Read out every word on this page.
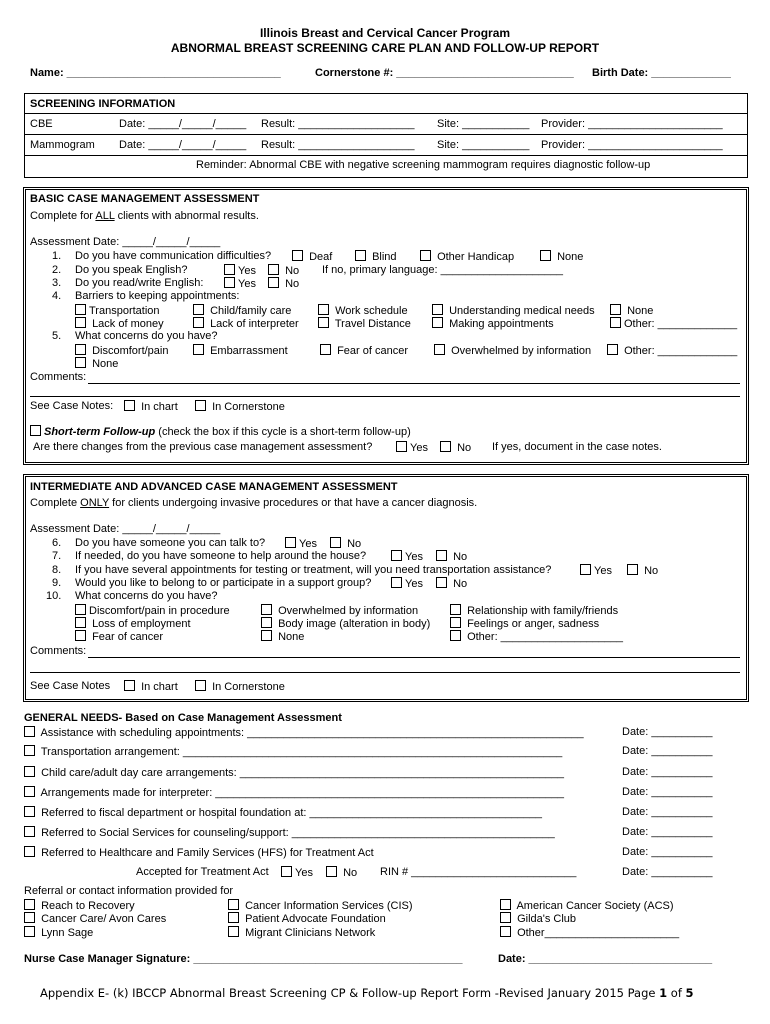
Illinois Breast and Cervical Cancer Program
ABNORMAL BREAST SCREENING CARE PLAN AND FOLLOW-UP REPORT
Name: ___________________________________	Cornerstone #: _____________________________ Birth Date: _____________
SCREENING INFORMATION
CBE	Date: _____/_____/_____ Result: ___________________ Site: ___________ Provider: ______________________
Mammogram Date: _____/_____/_____ Result: ___________________ Site: ___________ Provider: ______________________
Reminder: Abnormal CBE with negative screening mammogram requires diagnostic follow-up
BASIC CASE MANAGEMENT ASSESSMENT
Complete for ALL clients with abnormal results.
Assessment Date: _____/_____/_____
1. Do you have communication difficulties?	Deaf	Blind	Other Handicap	None
2. Do you speak English?	Yes	No If no, primary language: ____________________
3. Do you read/write English:	Yes	No
4. Barriers to keeping appointments:
Transportation	Child/family care	Work schedule	Understanding medical needs	None
Lack of money	Lack of interpreter	Travel Distance	Making appointments	Other: _____________
5. What concerns do you have?
Discomfort/pain	Embarrassment	Fear of cancer	Overwhelmed by information	Other: _____________
None
Comments:
See Case Notes:	In chart	In Cornerstone
Short-term Follow-up (check the box if this cycle is a short-term follow-up)
Are there changes from the previous case management assessment?	Yes	No If yes, document in the case notes.
INTERMEDIATE AND ADVANCED CASE MANAGEMENT ASSESSMENT
Complete ONLY for clients undergoing invasive procedures or that have a cancer diagnosis.
Assessment Date: _____/_____/_____
6. Do you have someone you can talk to?	Yes	No
7. If needed, do you have someone to help around the house?	Yes	No
8. If you have several appointments for testing or treatment, will you need transportation assistance?	Yes	No
9. Would you like to belong to or participate in a support group?	Yes	No
10. What concerns do you have?
Discomfort/pain in procedure	Overwhelmed by information	Relationship with family/friends
Loss of employment	Body image (alteration in body)	Feelings or anger, sadness
Fear of cancer	None	Other: ____________________
Comments:
See Case Notes	In chart	In Cornerstone
GENERAL NEEDS- Based on Case Management Assessment
Assistance with scheduling appointments: _______________________________________________________	Date: __________
Transportation arrangement: ______________________________________________________________	Date: __________
Child care/adult day care arrangements: _____________________________________________________	Date: __________
Arrangements made for interpreter: _________________________________________________________	Date: __________
Referred to fiscal department or hospital foundation at: ______________________________________	Date: __________
Referred to Social Services for counseling/support: ___________________________________________	Date: __________
Referred to Healthcare and Family Services (HFS) for Treatment Act	Date: __________
Accepted for Treatment Act	Yes	No RIN # ___________________________	Date: __________
Referral or contact information provided for
Reach to Recovery
Cancer Care/ Avon Cares
Lynn Sage
Cancer Information Services (CIS)
Patient Advocate Foundation
Migrant Clinicians Network
American Cancer Society (ACS)
Gilda's Club
Other______________________
Nurse Case Manager Signature: ____________________________________________	Date: ______________________________
Appendix E- (k) IBCCP Abnormal Breast Screening CP & Follow-up Report Form -Revised January 2015 Page 1 of 5
